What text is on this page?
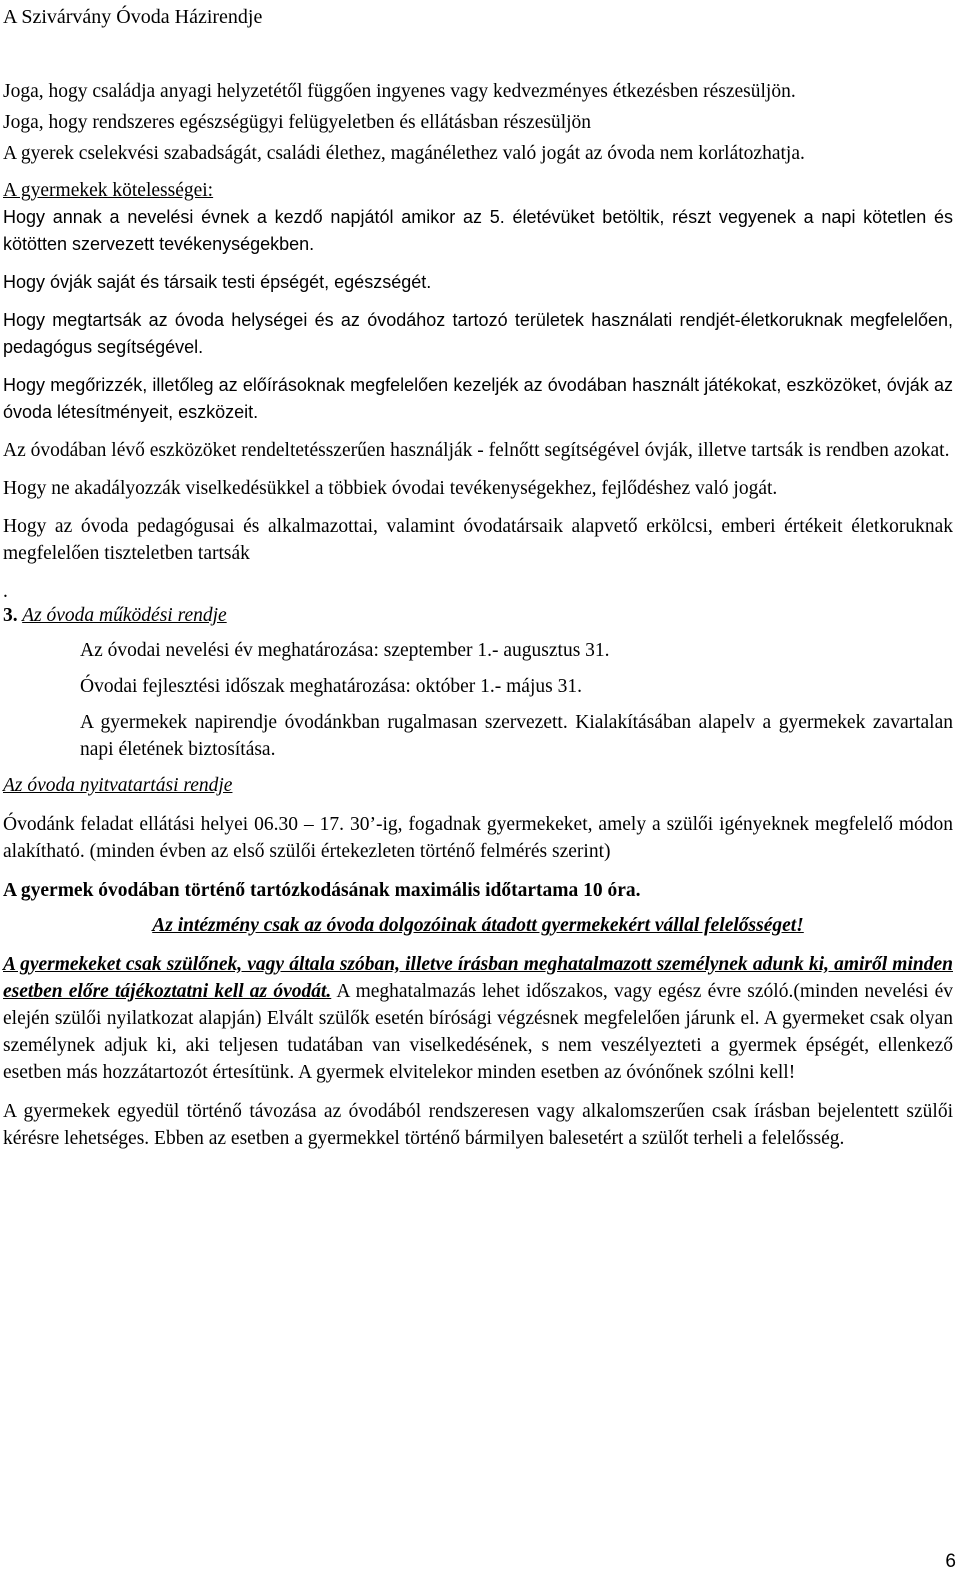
A Szivárvány Óvoda Házirendje
Joga, hogy családja anyagi helyzetétől függően ingyenes vagy kedvezményes étkezésben részesüljön.
Joga, hogy rendszeres egészségügyi felügyeletben és ellátásban részesüljön
A gyerek cselekvési szabadságát, családi élethez, magánélethez való jogát az óvoda nem korlátozhatja.

A gyermekek kötelességei:

Hogy annak a nevelési évnek a kezdő napjától amikor az 5. életévüket betöltik, részt vegyenek a napi kötetlen és kötötten szervezett tevékenységekben.
Hogy óvják saját és társaik testi épségét, egészségét.
Hogy megtartsák az óvoda helységei és az óvodához tartozó területek használati rendjét-életkoruknak megfelelően, pedagógus segítségével.
Hogy megőrizzék, illetőleg az előírásoknak megfelelően kezeljék az óvodában használt játékokat, eszközöket, óvják az óvoda létesítményeit, eszközeit.
Az óvodában lévő eszközöket rendeltetésszerűen használják - felnőtt segítségével óvják, illetve tartsák is rendben azokat.
Hogy ne akadályozzák viselkedésükkel a többiek óvodai tevékenységekhez, fejlődéshez való jogát.
Hogy az óvoda pedagógusai és alkalmazottai, valamint óvodatársaik alapvető erkölcsi, emberi értékeit életkoruknak megfelelően tiszteletben tartsák
.

3. Az óvoda működési rendje

Az óvodai nevelési év meghatározása: szeptember 1.- augusztus 31.

Óvodai fejlesztési időszak meghatározása: október 1.- május 31.

A gyermekek napirendje óvodánkban rugalmasan szervezett. Kialakításában alapelv a gyermekek zavartalan napi életének biztosítása.

Az óvoda nyitvatartási rendje

Óvodánk feladat ellátási helyei 06.30 – 17. 30’-ig, fogadnak gyermekeket, amely a szülői igényeknek megfelelő módon alakítható. (minden évben az első szülői értekezleten történő felmérés szerint)

A gyermek óvodában történő tartózkodásának maximális időtartama 10 óra.

Az intézmény csak az óvoda dolgozóinak átadott gyermekekért vállal felelősséget!

A gyermekeket csak szülőnek, vagy általa szóban, illetve írásban meghatalmazott személynek adunk ki, amiről minden esetben előre tájékoztatni kell az óvodát. A meghatalmazás lehet időszakos, vagy egész évre szóló.(minden nevelési év elején szülői nyilatkozat alapján) Elvált szülők esetén bírósági végzésnek megfelelően járunk el. A gyermeket csak olyan személynek adjuk ki, aki teljesen tudatában van viselkedésének, s nem veszélyezteti a gyermek épségét, ellenkező esetben más hozzátartozót értesítünk. A gyermek elvitelekor minden esetben az óvónőnek szólni kell!

A gyermekek egyedül történő távozása az óvodából rendszeresen vagy alkalomszerűen csak írásban bejelentett szülői kérésre lehetséges. Ebben az esetben a gyermekkel történő bármilyen balesetért a szülőt terheli a felelősség.

6
